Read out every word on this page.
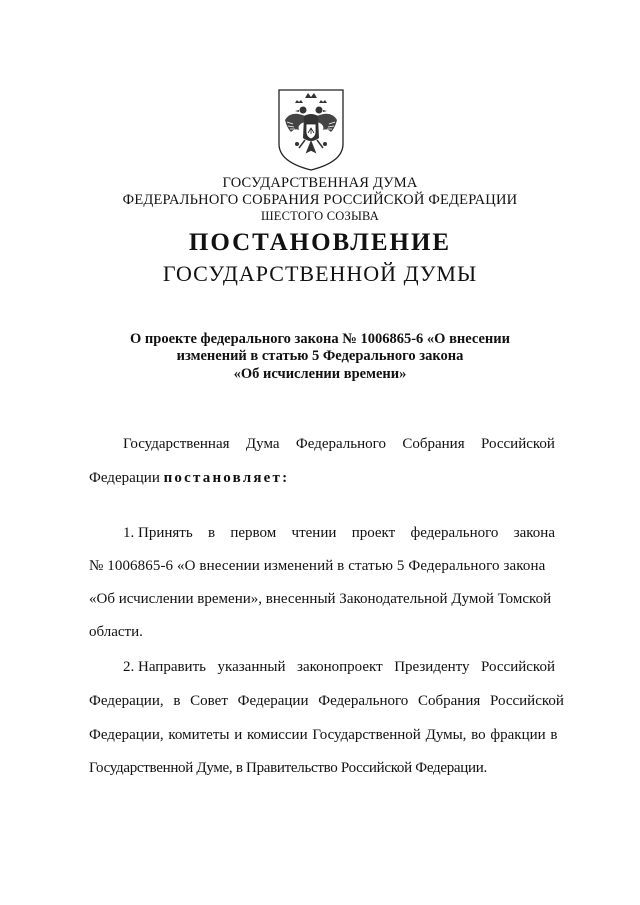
ГОСУДАРСТВЕННАЯ ДУМА
ФЕДЕРАЛЬНОГО СОБРАНИЯ РОССИЙСКОЙ ФЕДЕРАЦИИ
ШЕСТОГО СОЗЫВА
ПОСТАНОВЛЕНИЕ
ГОСУДАРСТВЕННОЙ ДУМЫ
О проекте федерального закона № 1006865-6 «О внесении
изменений в статью 5 Федерального закона
«Об исчислении времени»
Государственная Дума Федерального Собрания Российской
Федерации постановляет:
1. Принять в первом чтении проект федерального закона
№ 1006865-6 «О внесении изменений в статью 5 Федерального закона
«Об исчислении времени», внесенный Законодательной Думой Томской
области.
2. Направить указанный законопроект Президенту Российской
Федерации, в Совет Федерации Федерального Собрания Российской
Федерации, комитеты и комиссии Государственной Думы, во фракции в
Государственной Думе, в Правительство Российской Федерации.
